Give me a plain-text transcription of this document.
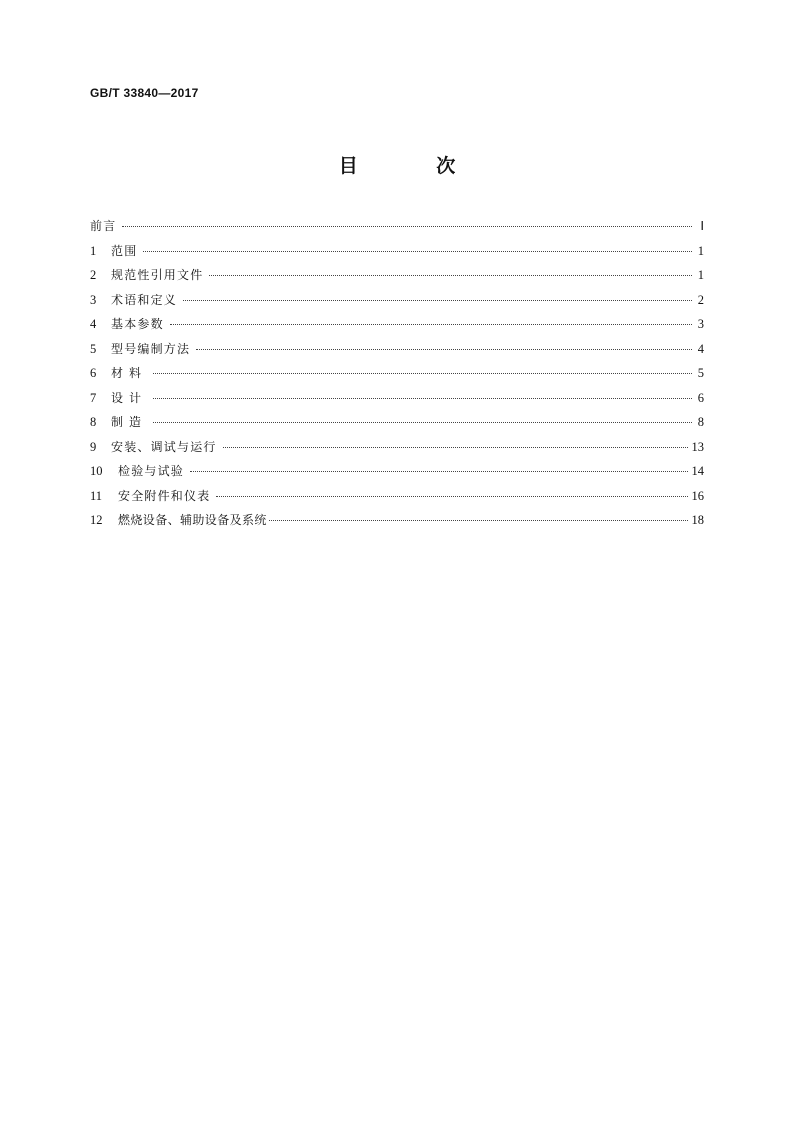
GB/T 33840—2017
目 次
前言	Ⅰ
1	范围	1
2	规范性引用文件	1
3	术语和定义	2
4	基本参数	3
5	型号编制方法	4
6	材料	5
7	设计	6
8	制造	8
9	安装、调试与运行	13
10	检验与试验	14
11	安全附件和仪表	16
12	燃烧设备、辅助设备及系统	18
